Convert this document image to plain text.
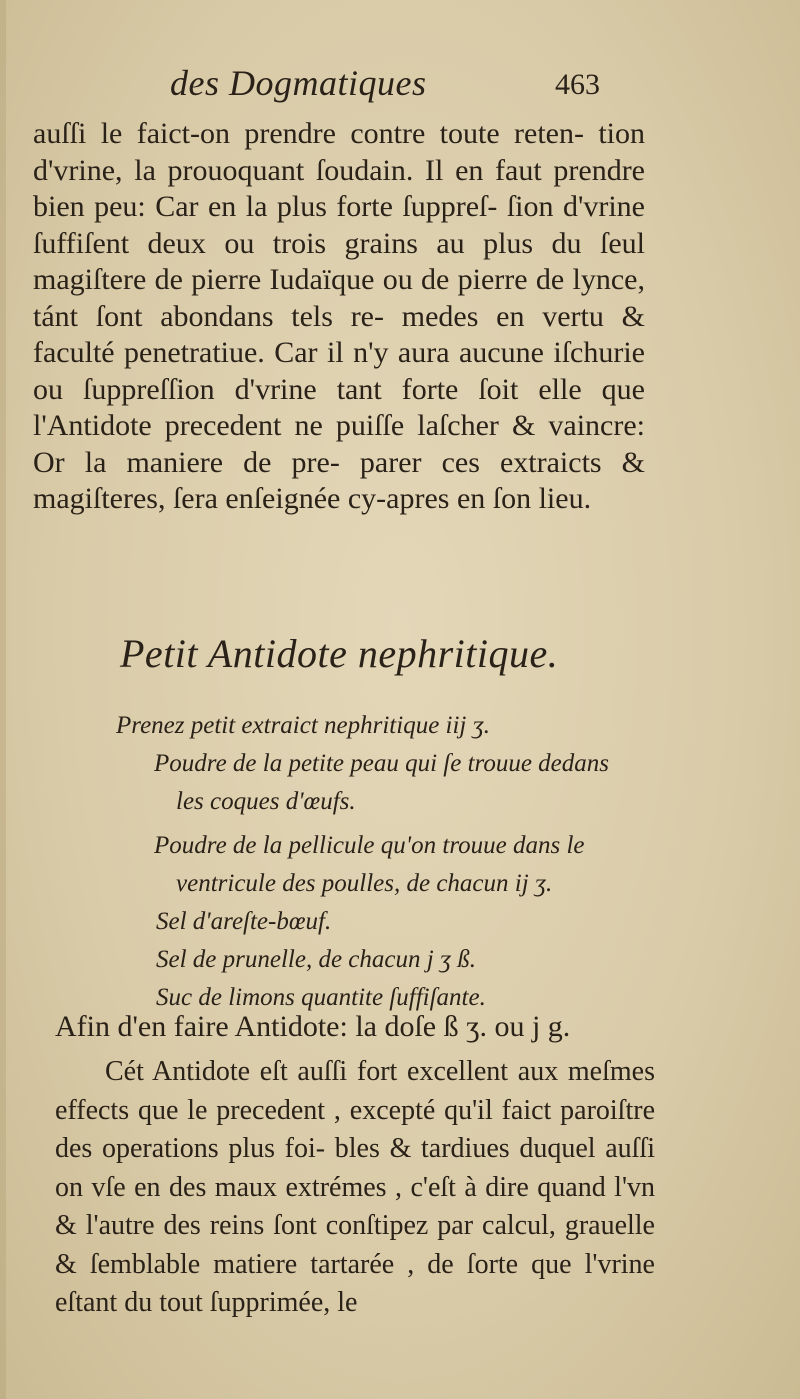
des Dogmatiques	463

auſſi le faict-on prendre contre toute reten- tion d'vrine, la prouoquant ſoudain. Il en faut prendre bien peu: Car en la plus forte ſuppreſ- ſion d'vrine ſuffiſent deux ou trois grains au plus du ſeul magiſtere de pierre Iudaïque ou de pierre de lynce, tánt ſont abondans tels re- medes en vertu & faculté penetratiue. Car il n'y aura aucune iſchurie ou ſuppreſſion d'vrine tant forte ſoit elle que l'Antidote precedent ne puiſſe laſcher & vaincre: Or la maniere de pre- parer ces extraicts & magiſteres, ſera enſeignée cy-apres en ſon lieu.

Petit Antidote nephritique.
Prenez petit extraict nephritique iij ʒ.
Poudre de la petite peau qui ſe trouue dedans
les coques d'œufs.
Poudre de la pellicule qu'on trouue dans le
ventricule des poulles, de chacun ij ʒ.
Sel d'areſte-bœuf.
Sel de prunelle, de chacun j ʒ ß.
Suc de limons quantite ſuffiſante.
Afin d'en faire Antidote: la doſe ß ʒ. ou j g.

Cét Antidote eſt auſſi fort excellent aux meſmes effects que le precedent , excepté qu'il faict paroiſtre des operations plus foi- bles & tardiues duquel auſſi on vſe en des maux extrémes , c'eſt à dire quand l'vn & l'autre des reins ſont conſtipez par calcul, grauelle & ſemblable matiere tartarée , de ſorte que l'vrine eſtant du tout ſupprimée, le
